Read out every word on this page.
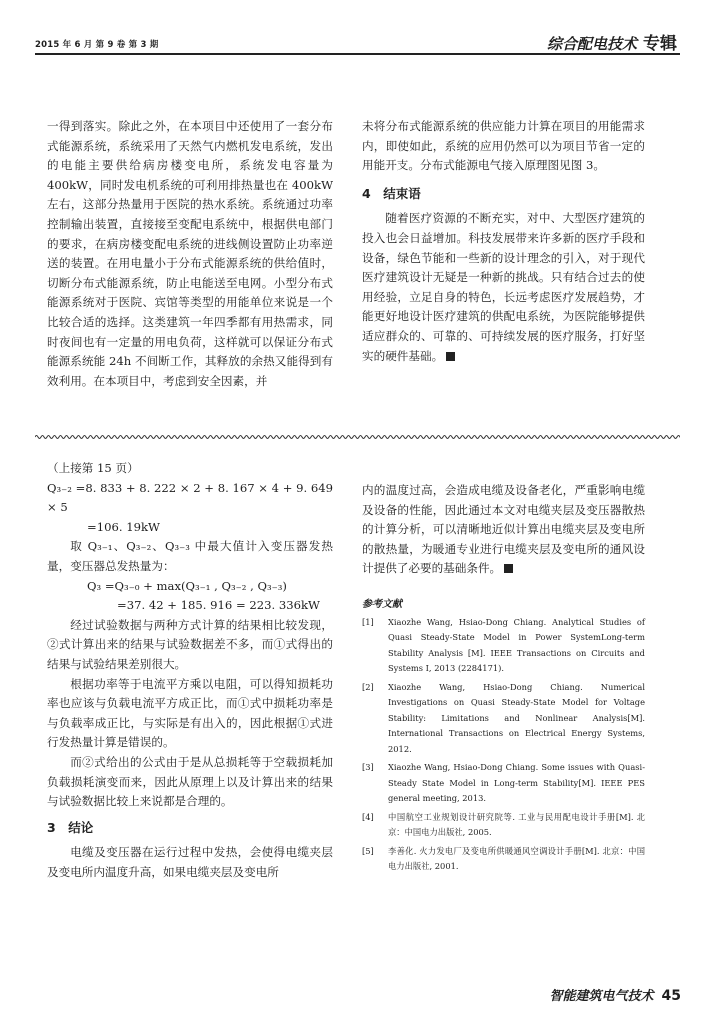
2015 年 6 月 第 9 卷 第 3 期	综合配电技术 专辑

一得到落实。除此之外，在本项目中还使用了一套分布式能源系统，系统采用了天然气内燃机发电系统，发出的电能主要供给病房楼变电所，系统发电容量为 400kW，同时发电机系统的可利用排热量也在 400kW 左右，这部分热量用于医院的热水系统。系统通过功率控制输出装置，直接接至变配电系统中，根据供电部门的要求，在病房楼变配电系统的进线侧设置防止功率逆送的装置。在用电量小于分布式能源系统的供给值时，切断分布式能源系统，防止电能送至电网。小型分布式能源系统对于医院、宾馆等类型的用能单位来说是一个比较合适的选择。这类建筑一年四季都有用热需求，同时夜间也有一定量的用电负荷，这样就可以保证分布式能源系统能 24h 不间断工作，其释放的余热又能得到有效利用。在本项目中，考虑到安全因素，并

未将分布式能源系统的供应能力计算在项目的用能需求内，即使如此，系统的应用仍然可以为项目节省一定的用能开支。分布式能源电气接入原理图见图 3。

4　结束语

随着医疗资源的不断充实，对中、大型医疗建筑的投入也会日益增加。科技发展带来许多新的医疗手段和设备，绿色节能和一些新的设计理念的引入，对于现代医疗建筑设计无疑是一种新的挑战。只有结合过去的使用经验，立足自身的特色，长远考虑医疗发展趋势，才能更好地设计医疗建筑的供配电系统，为医院能够提供适应群众的、可靠的、可持续发展的医疗服务，打好坚实的硬件基础。

（上接第 15 页）

Q₃₋₂ =8. 833 + 8. 222 × 2 + 8. 167 × 4 + 9. 649 × 5

=106. 19kW

取 Q₃₋₁、Q₃₋₂、Q₃₋₃ 中最大值计入变压器发热量，变压器总发热量为：

Q₃ =Q₃₋₀ + max(Q₃₋₁ , Q₃₋₂ , Q₃₋₃)

=37. 42 + 185. 916 = 223. 336kW

经过试验数据与两种方式计算的结果相比较发现，②式计算出来的结果与试验数据差不多，而①式得出的结果与试验结果差别很大。

根据功率等于电流平方乘以电阻，可以得知损耗功率也应该与负载电流平方成正比，而①式中损耗功率是与负载率成正比，与实际是有出入的，因此根据①式进行发热量计算是错误的。

而②式给出的公式由于是从总损耗等于空载损耗加负载损耗演变而来，因此从原理上以及计算出来的结果与试验数据比较上来说都是合理的。

3　结论

电缆及变压器在运行过程中发热，会使得电缆夹层及变电所内温度升高，如果电缆夹层及变电所

内的温度过高，会造成电缆及设备老化，严重影响电缆及设备的性能，因此通过本文对电缆夹层及变压器散热的计算分析，可以清晰地近似计算出电缆夹层及变电所的散热量，为暖通专业进行电缆夹层及变电所的通风设计提供了必要的基础条件。

参考文献

[1]	Xiaozhe Wang, Hsiao-Dong Chiang. Analytical Studies of Quasi Steady-State Model in Power SystemLong-term Stability Analysis [M]. IEEE Transactions on Circuits and Systems I, 2013 (2284171).
[2]	Xiaozhe Wang, Hsiao-Dong Chiang. Numerical Investigations on Quasi Steady-State Model for Voltage Stability: Limitations and Nonlinear Analysis[M]. International Transactions on Electrical Energy Systems, 2012.
[3]	Xiaozhe Wang, Hsiao-Dong Chiang. Some issues with Quasi-Steady State Model in Long-term Stability[M]. IEEE PES general meeting, 2013.
[4]	中国航空工业规划设计研究院等. 工业与民用配电设计手册[M]. 北京：中国电力出版社, 2005.
[5]	李善化. 火力发电厂及变电所供暖通风空调设计手册[M]. 北京：中国电力出版社, 2001.
智能建筑电气技术 45
